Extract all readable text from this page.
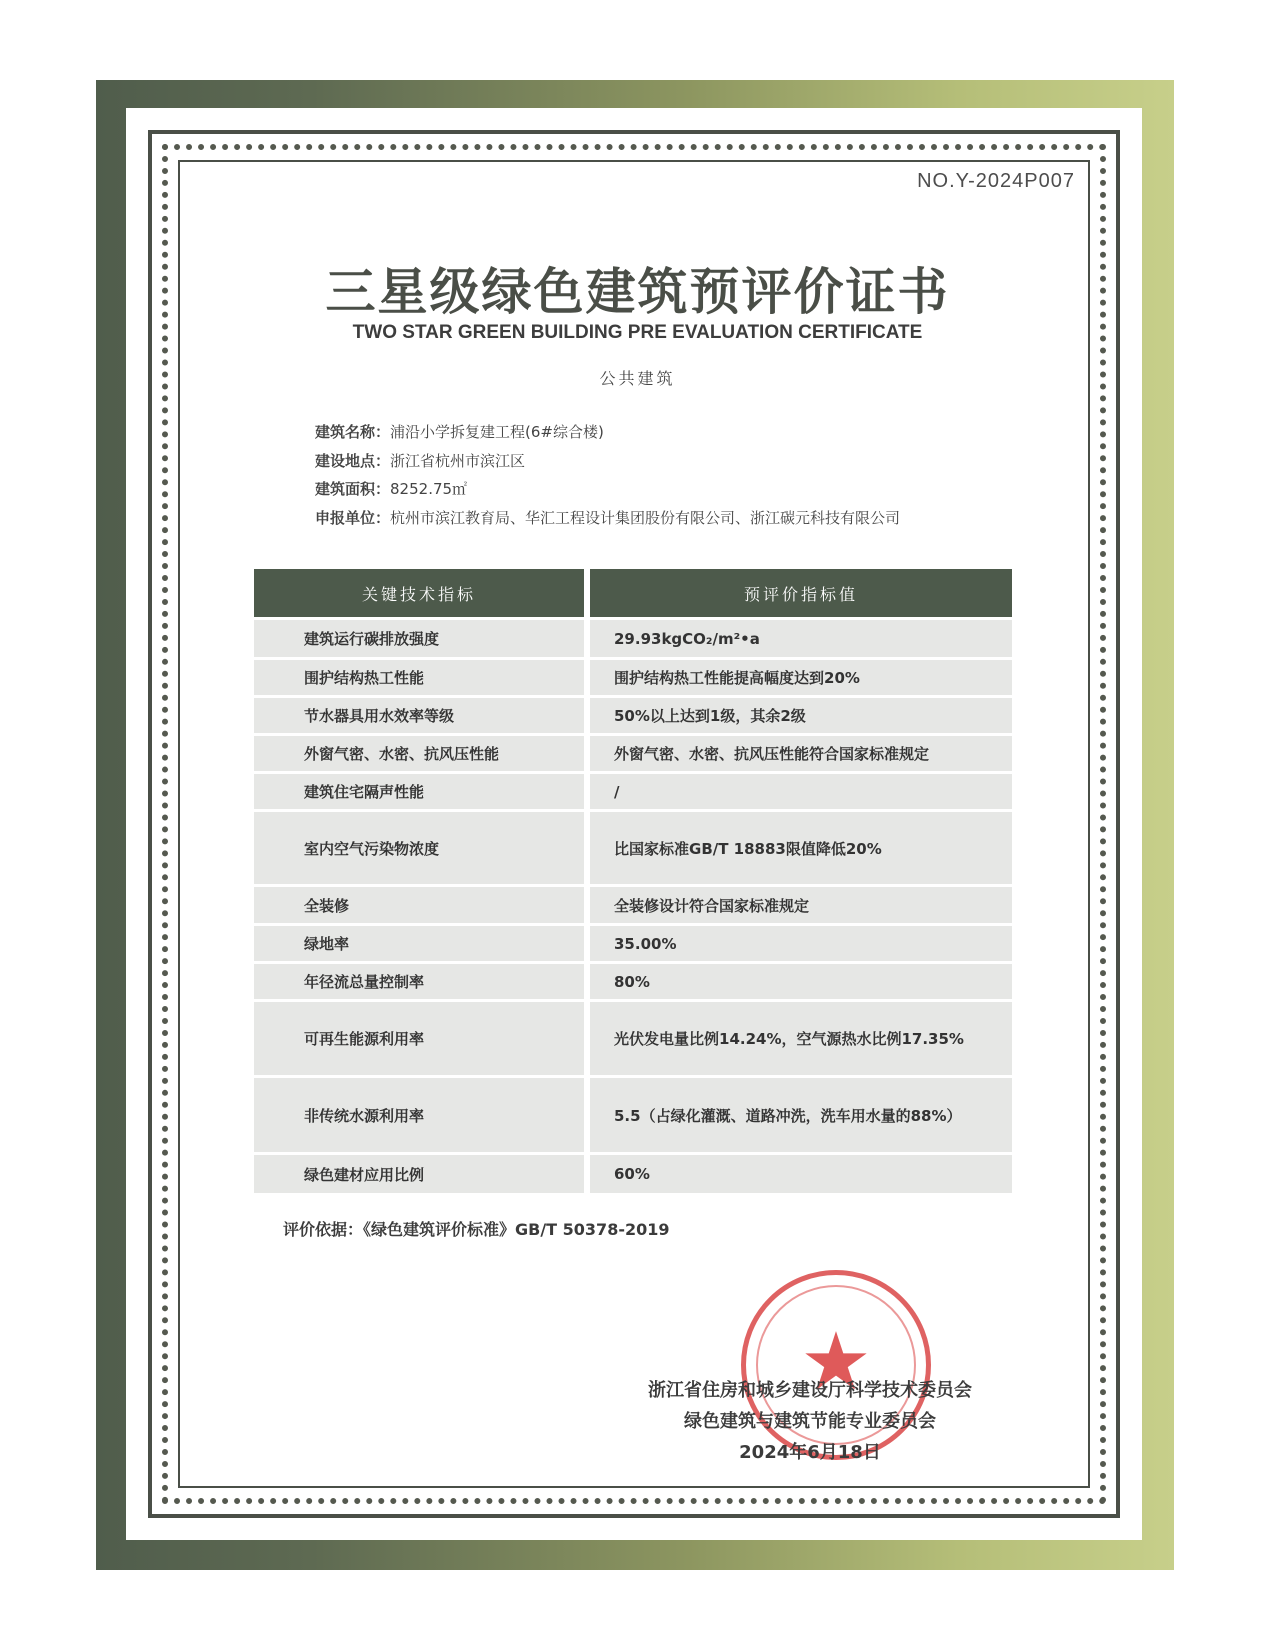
NO.Y-2024P007
三星级绿色建筑预评价证书
TWO STAR GREEN BUILDING PRE EVALUATION CERTIFICATE
公共建筑
建筑名称： 浦沿小学拆复建工程(6#综合楼)
建设地点： 浙江省杭州市滨江区
建筑面积： 8252.75㎡
申报单位： 杭州市滨江教育局、华汇工程设计集团股份有限公司、浙江碳元科技有限公司
关键技术指标	预评价指标值
建筑运行碳排放强度	29.93kgCO₂/m²•a
围护结构热工性能	围护结构热工性能提高幅度达到20%
节水器具用水效率等级	50%以上达到1级，其余2级
外窗气密、水密、抗风压性能	外窗气密、水密、抗风压性能符合国家标准规定
建筑住宅隔声性能	/
室内空气污染物浓度	比国家标准GB/T 18883限值降低20%
全装修	全装修设计符合国家标准规定
绿地率	35.00%
年径流总量控制率	80%
可再生能源利用率	光伏发电量比例14.24%，空气源热水比例17.35%
非传统水源利用率	5.5（占绿化灌溉、道路冲洗，洗车用水量的88%）
绿色建材应用比例	60%
评价依据：《绿色建筑评价标准》GB/T 50378-2019
★
浙江省住房和城乡建设厅科学技术委员会
绿色建筑与建筑节能专业委员会
2024年6月18日
